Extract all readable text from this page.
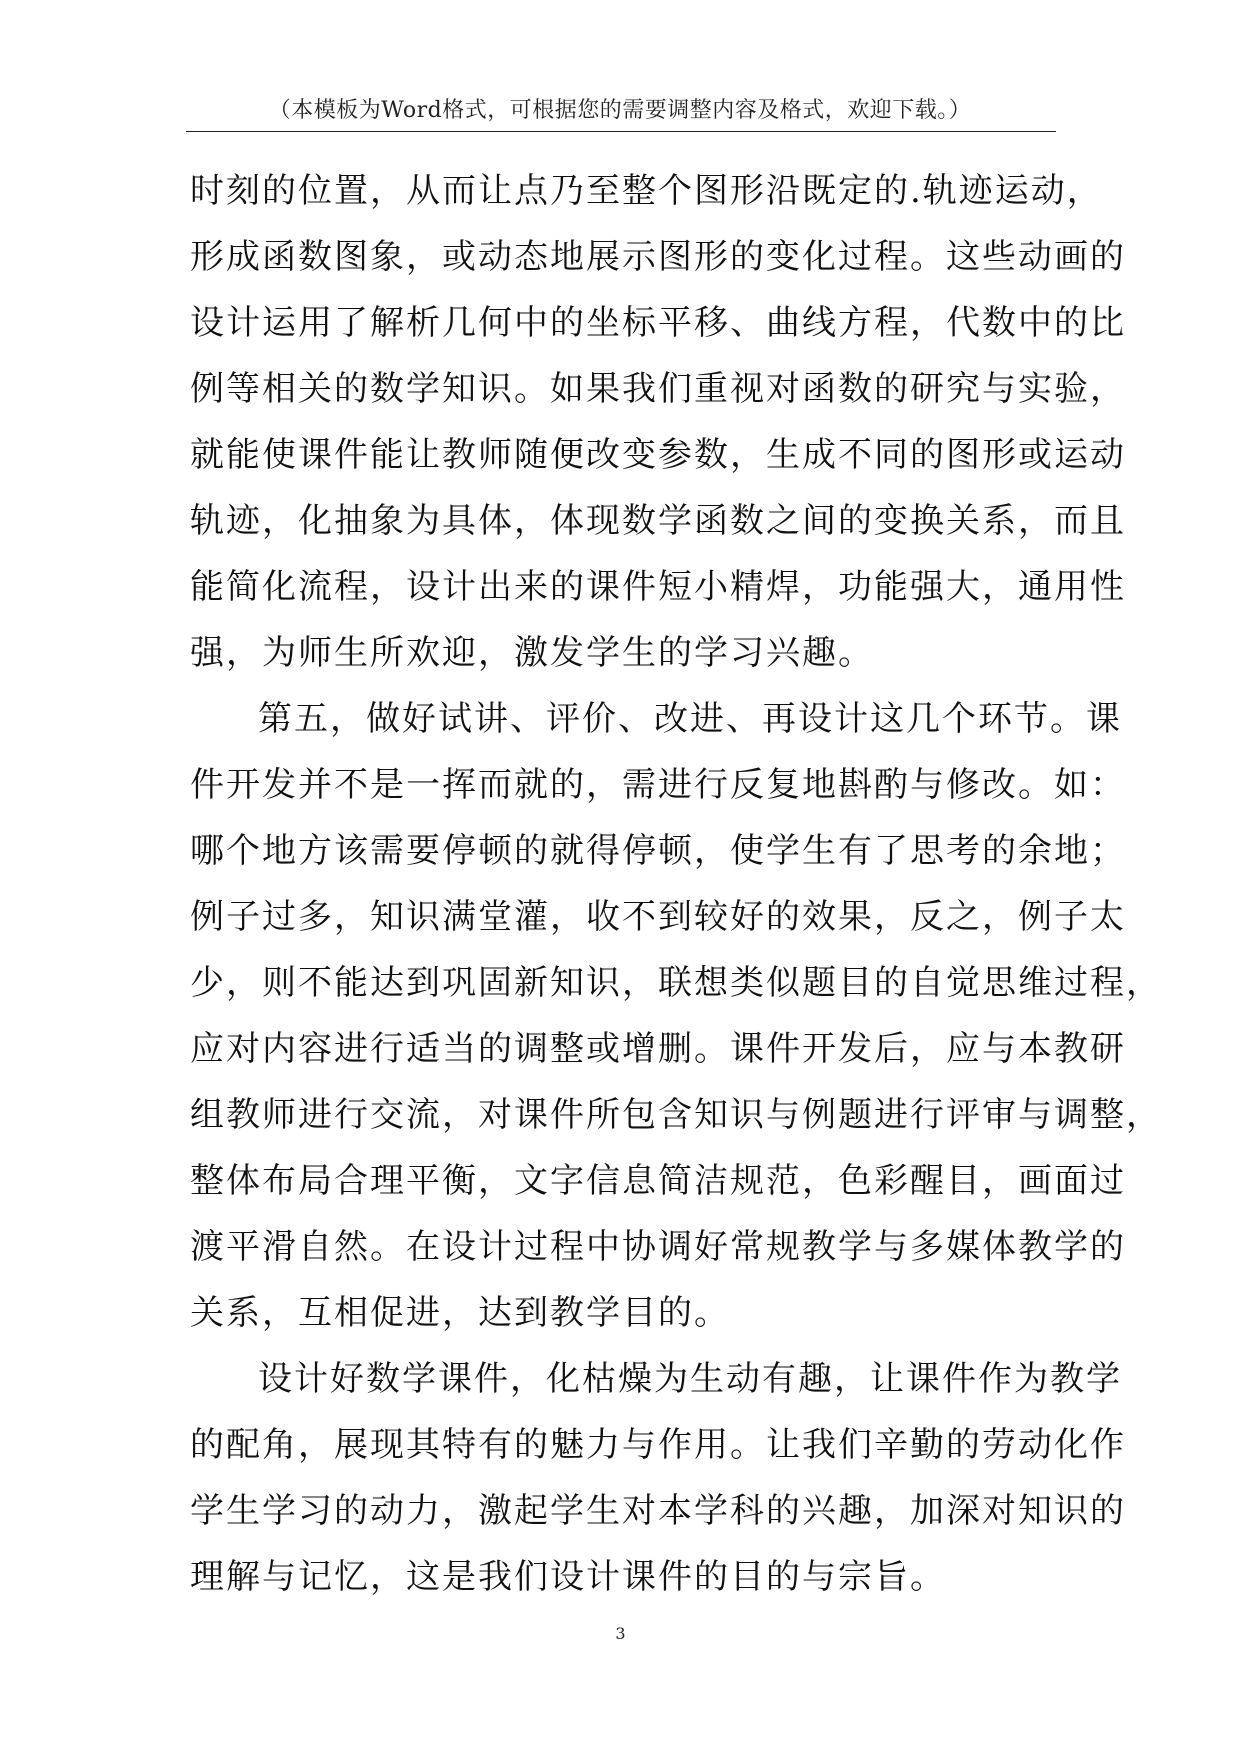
（本模板为Word格式，可根据您的需要调整内容及格式，欢迎下载。）
时刻的位置，从而让点乃至整个图形沿既定的.轨迹运动，
形成函数图象，或动态地展示图形的变化过程。这些动画的
设计运用了解析几何中的坐标平移、曲线方程，代数中的比
例等相关的数学知识。如果我们重视对函数的研究与实验，
就能使课件能让教师随便改变参数，生成不同的图形或运动
轨迹，化抽象为具体，体现数学函数之间的变换关系，而且
能简化流程，设计出来的课件短小精焊，功能强大，通用性
强，为师生所欢迎，激发学生的学习兴趣。
第五，做好试讲、评价、改进、再设计这几个环节。课
件开发并不是一挥而就的，需进行反复地斟酌与修改。如：
哪个地方该需要停顿的就得停顿，使学生有了思考的余地；
例子过多，知识满堂灌，收不到较好的效果，反之，例子太
少，则不能达到巩固新知识，联想类似题目的自觉思维过程，
应对内容进行适当的调整或增删。课件开发后，应与本教研
组教师进行交流，对课件所包含知识与例题进行评审与调整，
整体布局合理平衡，文字信息简洁规范，色彩醒目，画面过
渡平滑自然。在设计过程中协调好常规教学与多媒体教学的
关系，互相促进，达到教学目的。
设计好数学课件，化枯燥为生动有趣，让课件作为教学
的配角，展现其特有的魅力与作用。让我们辛勤的劳动化作
学生学习的动力，激起学生对本学科的兴趣，加深对知识的
理解与记忆，这是我们设计课件的目的与宗旨。
3
